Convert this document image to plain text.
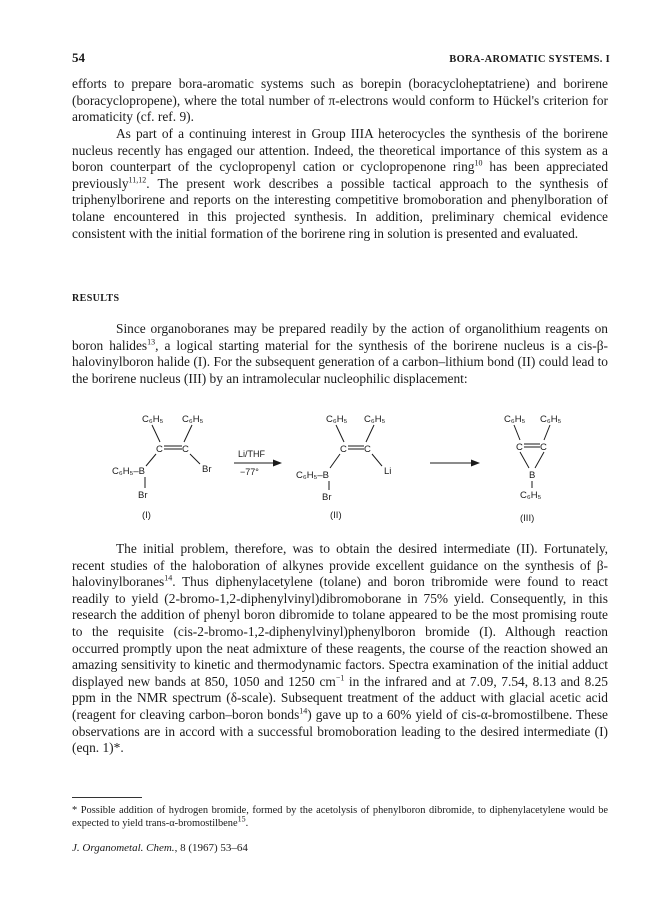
54	BORA-AROMATIC SYSTEMS. I

efforts to prepare bora-aromatic systems such as borepin (boracycloheptatriene) and borirene (boracyclopropene), where the total number of π-electrons would conform to Hückel's criterion for aromaticity (cf. ref. 9).

As part of a continuing interest in Group IIIA heterocycles the synthesis of the borirene nucleus recently has engaged our attention. Indeed, the theoretical importance of this system as a boron counterpart of the cyclopropenyl cation or cyclopropenone ring$^{10}$ has been appreciated previously$^{11,12}$. The present work describes a possible tactical approach to the synthesis of triphenylborirene and reports on the interesting competitive bromoboration and phenylboration of tolane encountered in this projected synthesis. In addition, preliminary chemical evidence consistent with the initial formation of the borirene ring in solution is presented and evaluated.

RESULTS

Since organoboranes may be prepared readily by the action of organolithium reagents on boron halides$^{13}$, a logical starting material for the synthesis of the borirene nucleus is a cis-β-halovinylboron halide (I). For the subsequent generation of a carbon–lithium bond (II) could lead to the borirene nucleus (III) by an intramolecular nucleophilic displacement:

C₆H₅ C₆H₅
C C
C₆H₅–B	Br
Br
(I)
Li/THF
−77°
C₆H₅ C₆H₅
C C
C₆H₅–B	Li
Br
(II)
C₆H₅ C₆H₅
C C
B
C₆H₅
(III)

The initial problem, therefore, was to obtain the desired intermediate (II). Fortunately, recent studies of the haloboration of alkynes provide excellent guidance on the synthesis of β-halovinylboranes$^{14}$. Thus diphenylacetylene (tolane) and boron tribromide were found to react readily to yield (2-bromo-1,2-diphenylvinyl)dibromoborane in 75% yield. Consequently, in this research the addition of phenyl boron dibromide to tolane appeared to be the most promising route to the requisite (cis-2-bromo-1,2-diphenylvinyl)phenylboron bromide (I). Although reaction occurred promptly upon the neat admixture of these reagents, the course of the reaction showed an amazing sensitivity to kinetic and thermodynamic factors. Spectra examination of the initial adduct displayed new bands at 850, 1050 and 1250 $cm^{-1}$ in the infrared and at 7.09, 7.54, 8.13 and 8.25 ppm in the NMR spectrum (δ-scale). Subsequent treatment of the adduct with glacial acetic acid (reagent for cleaving carbon–boron bonds$^{14}$) gave up to a 60% yield of cis-α-bromostilbene. These observations are in accord with a successful bromoboration leading to the desired intermediate (I) (eqn. 1)*.

* Possible addition of hydrogen bromide, formed by the acetolysis of phenylboron dibromide, to diphenylacetylene would be expected to yield trans-α-bromostilbene$^{15}$.
J. Organometal. Chem., 8 (1967) 53–64
